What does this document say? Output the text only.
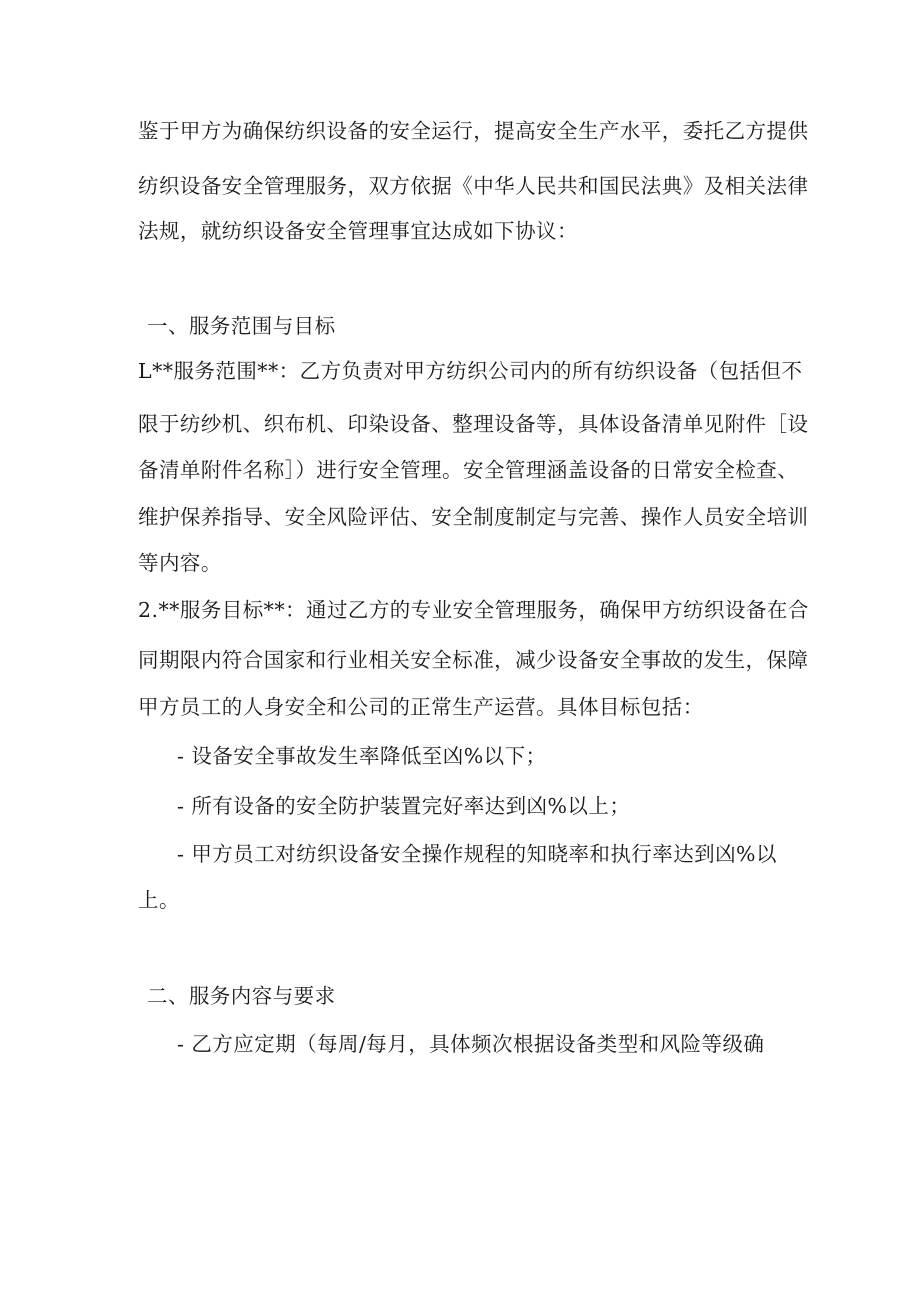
鉴于甲方为确保纺织设备的安全运行，提高安全生产水平，委托乙方提供
纺织设备安全管理服务，双方依据《中华人民共和国民法典》及相关法律
法规，就纺织设备安全管理事宜达成如下协议：
一、服务范围与目标
L**服务范围**：乙方负责对甲方纺织公司内的所有纺织设备（包括但不
限于纺纱机、织布机、印染设备、整理设备等，具体设备清单见附件［设
备清单附件名称］）进行安全管理。安全管理涵盖设备的日常安全检查、
维护保养指导、安全风险评估、安全制度制定与完善、操作人员安全培训
等内容。
2.**服务目标**：通过乙方的专业安全管理服务，确保甲方纺织设备在合
同期限内符合国家和行业相关安全标准，减少设备安全事故的发生，保障
甲方员工的人身安全和公司的正常生产运营。具体目标包括：
- 设备安全事故发生率降低至凶%以下；
- 所有设备的安全防护装置完好率达到凶%以上；
- 甲方员工对纺织设备安全操作规程的知晓率和执行率达到凶%以
上。
二、服务内容与要求
- 乙方应定期（每周/每月，具体频次根据设备类型和风险等级确
